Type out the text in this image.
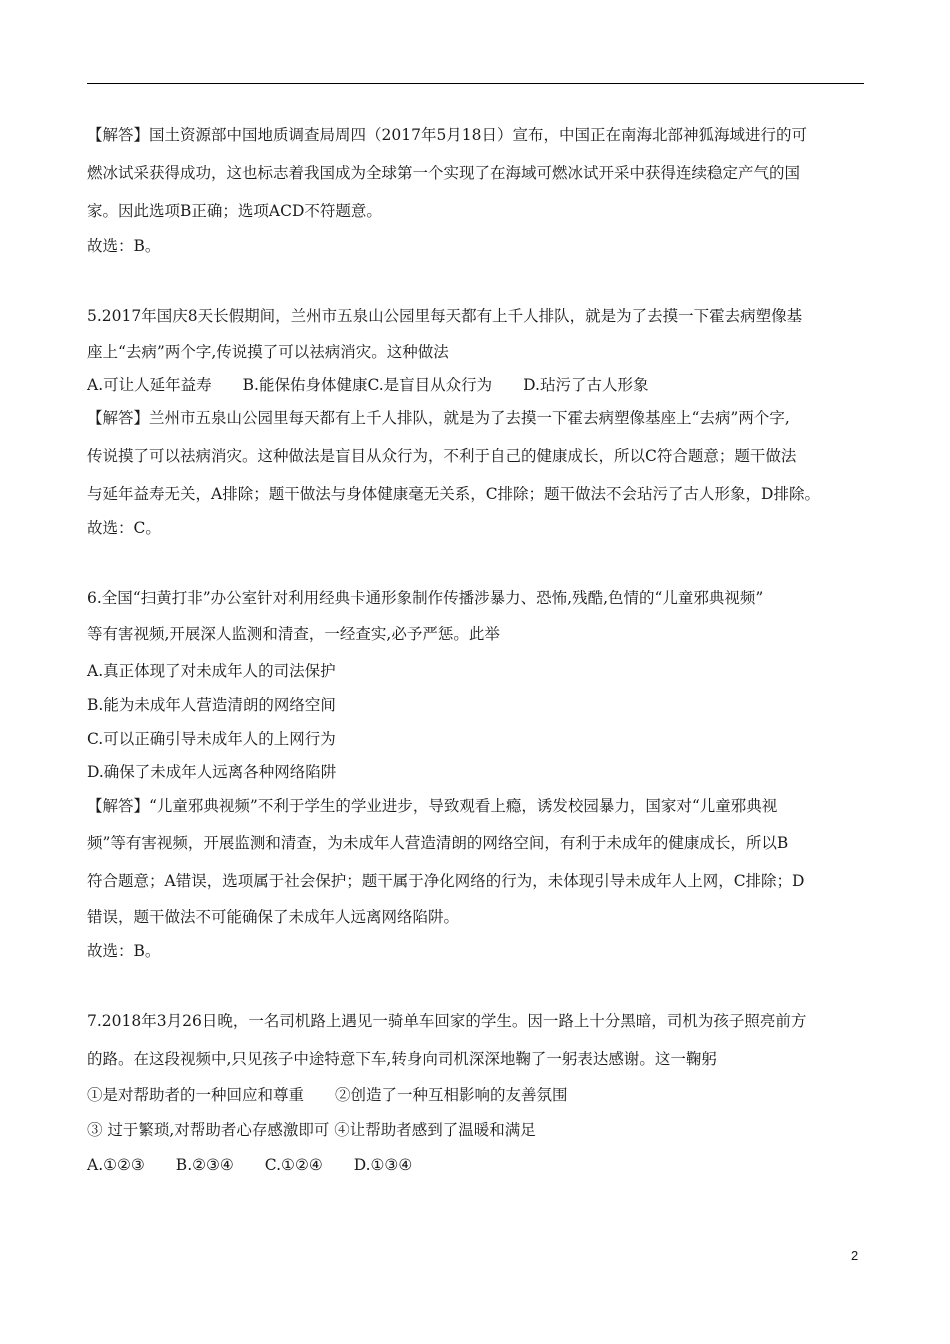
【解答】国土资源部中国地质调查局周四（2017年5月18日）宣布，中国正在南海北部神狐海域进行的可
燃冰试采获得成功，这也标志着我国成为全球第一个实现了在海域可燃冰试开采中获得连续稳定产气的国
家。因此选项B正确；选项ACD不符题意。
故选：B。
5.2017年国庆8天长假期间，兰州市五泉山公园里每天都有上千人排队，就是为了去摸一下霍去病塑像基
座上“去病”两个字,传说摸了可以祛病消灾。这种做法
A.可让人延年益寿　　B.能保佑身体健康C.是盲目从众行为　　D.玷污了古人形象
【解答】兰州市五泉山公园里每天都有上千人排队，就是为了去摸一下霍去病塑像基座上“去病”两个字,
传说摸了可以祛病消灾。这种做法是盲目从众行为，不利于自己的健康成长，所以C符合题意；题干做法
与延年益寿无关，A排除；题干做法与身体健康毫无关系，C排除；题干做法不会玷污了古人形象，D排除。
故选：C。
6.全国“扫黄打非”办公室针对利用经典卡通形象制作传播涉暴力、恐怖,残酷,色情的“儿童邪典视频”
等有害视频,开展深人监测和清查，一经查实,必予严惩。此举
A.真正体现了对未成年人的司法保护
B.能为未成年人营造清朗的网络空间
C.可以正确引导未成年人的上网行为
D.确保了未成年人远离各种网络陷阱
【解答】“儿童邪典视频”不利于学生的学业进步，导致观看上瘾，诱发校园暴力，国家对“儿童邪典视
频”等有害视频，开展监测和清查，为未成年人营造清朗的网络空间，有利于未成年的健康成长，所以B
符合题意；A错误，选项属于社会保护；题干属于净化网络的行为，未体现引导未成年人上网，C排除；D
错误，题干做法不可能确保了未成年人远离网络陷阱。
故选：B。
7.2018年3月26日晚，一名司机路上遇见一骑单车回家的学生。因一路上十分黑暗，司机为孩子照亮前方
的路。在这段视频中,只见孩子中途特意下车,转身向司机深深地鞠了一躬表达感谢。这一鞠躬
①是对帮助者的一种回应和尊重　　②创造了一种互相影响的友善氛围
③ 过于繁琐,对帮助者心存感激即可 ④让帮助者感到了温暖和满足
A.①②③　　B.②③④　　C.①②④　　D.①③④
2
